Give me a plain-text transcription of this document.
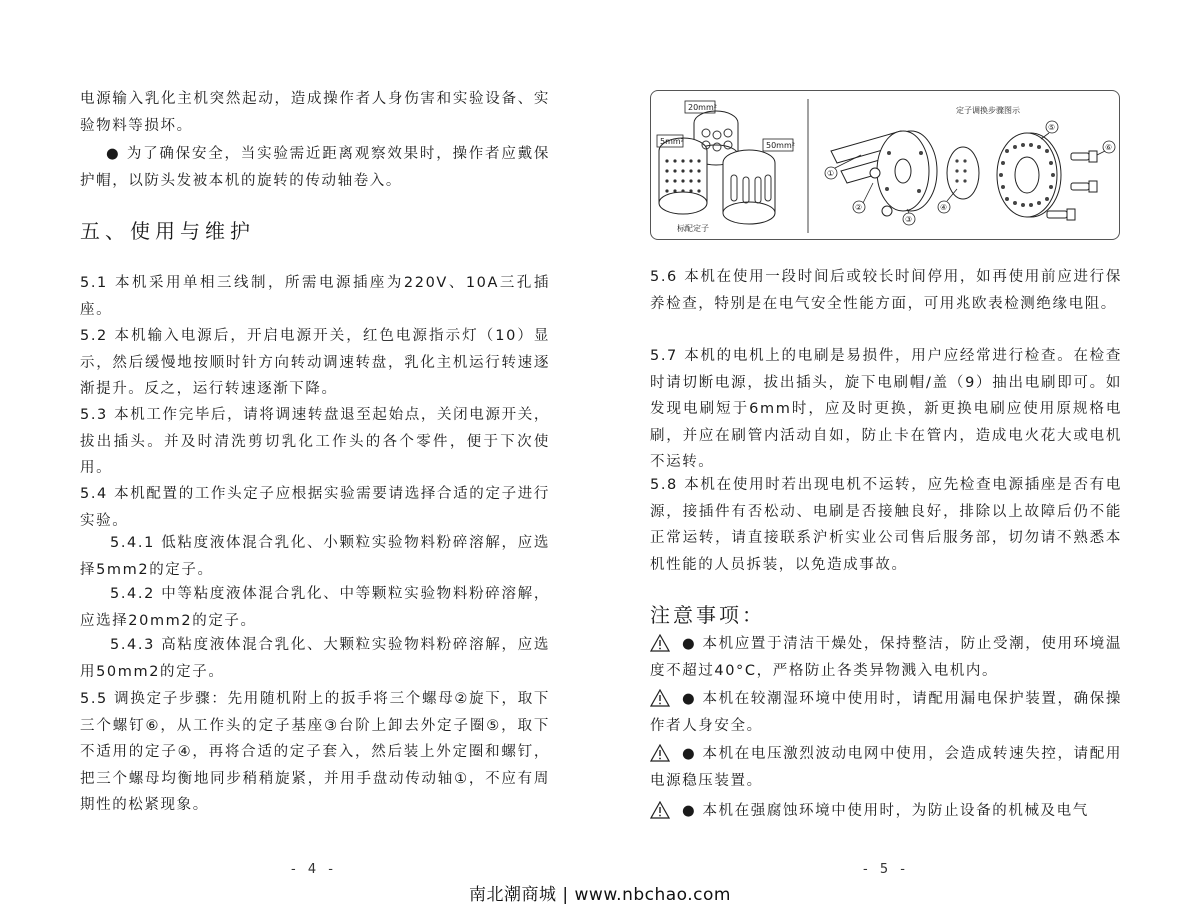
电源输入乳化主机突然起动，造成操作者人身伤害和实验设备、实验物料等损坏。

● 为了确保安全，当实验需近距离观察效果时，操作者应戴保护帽，以防头发被本机的旋转的传动轴卷入。

五、使用与维护

5.1 本机采用单相三线制，所需电源插座为220V、10A三孔插座。

5.2 本机输入电源后，开启电源开关，红色电源指示灯（10）显示，然后缓慢地按顺时针方向转动调速转盘，乳化主机运行转速逐渐提升。反之，运行转速逐渐下降。

5.3 本机工作完毕后，请将调速转盘退至起始点，关闭电源开关，拔出插头。并及时清洗剪切乳化工作头的各个零件，便于下次使用。

5.4 本机配置的工作头定子应根据实验需要请选择合适的定子进行实验。

5.4.1 低粘度液体混合乳化、小颗粒实验物料粉碎溶解，应选择5mm2的定子。

5.4.2 中等粘度液体混合乳化、中等颗粒实验物料粉碎溶解，应选择20mm2的定子。

5.4.3 高粘度液体混合乳化、大颗粒实验物料粉碎溶解，应选用50mm2的定子。

5.5 调换定子步骤：先用随机附上的扳手将三个螺母②旋下，取下三个螺钉⑥，从工作头的定子基座③台阶上卸去外定子圈⑤，取下不适用的定子④，再将合适的定子套入，然后装上外定圈和螺钉，把三个螺母均衡地同步稍稍旋紧，并用手盘动传动轴①，不应有周期性的松紧现象。

- 4 -
20mm²
5mm²	50mm²
标配定子
定子调换步骤图示
①
②
③
④
⑤
⑥

5.6 本机在使用一段时间后或较长时间停用，如再使用前应进行保养检查，特别是在电气安全性能方面，可用兆欧表检测绝缘电阻。

5.7 本机的电机上的电刷是易损件，用户应经常进行检查。在检查时请切断电源，拔出插头，旋下电刷帽/盖（9）抽出电刷即可。如发现电刷短于6mm时，应及时更换，新更换电刷应使用原规格电刷，并应在刷管内活动自如，防止卡在管内，造成电火花大或电机不运转。

5.8 本机在使用时若出现电机不运转，应先检查电源插座是否有电源，接插件有否松动、电刷是否接触良好，排除以上故障后仍不能正常运转，请直接联系沪析实业公司售后服务部，切勿请不熟悉本机性能的人员拆装，以免造成事故。

注意事项：

● 本机应置于清洁干燥处，保持整洁，防止受潮，使用环境温度不超过40°C，严格防止各类异物溅入电机内。

● 本机在较潮湿环境中使用时，请配用漏电保护装置，确保操作者人身安全。

● 本机在电压激烈波动电网中使用，会造成转速失控，请配用电源稳压装置。

● 本机在强腐蚀环境中使用时，为防止设备的机械及电气

- 5 -
南北潮商城 | www.nbchao.com
